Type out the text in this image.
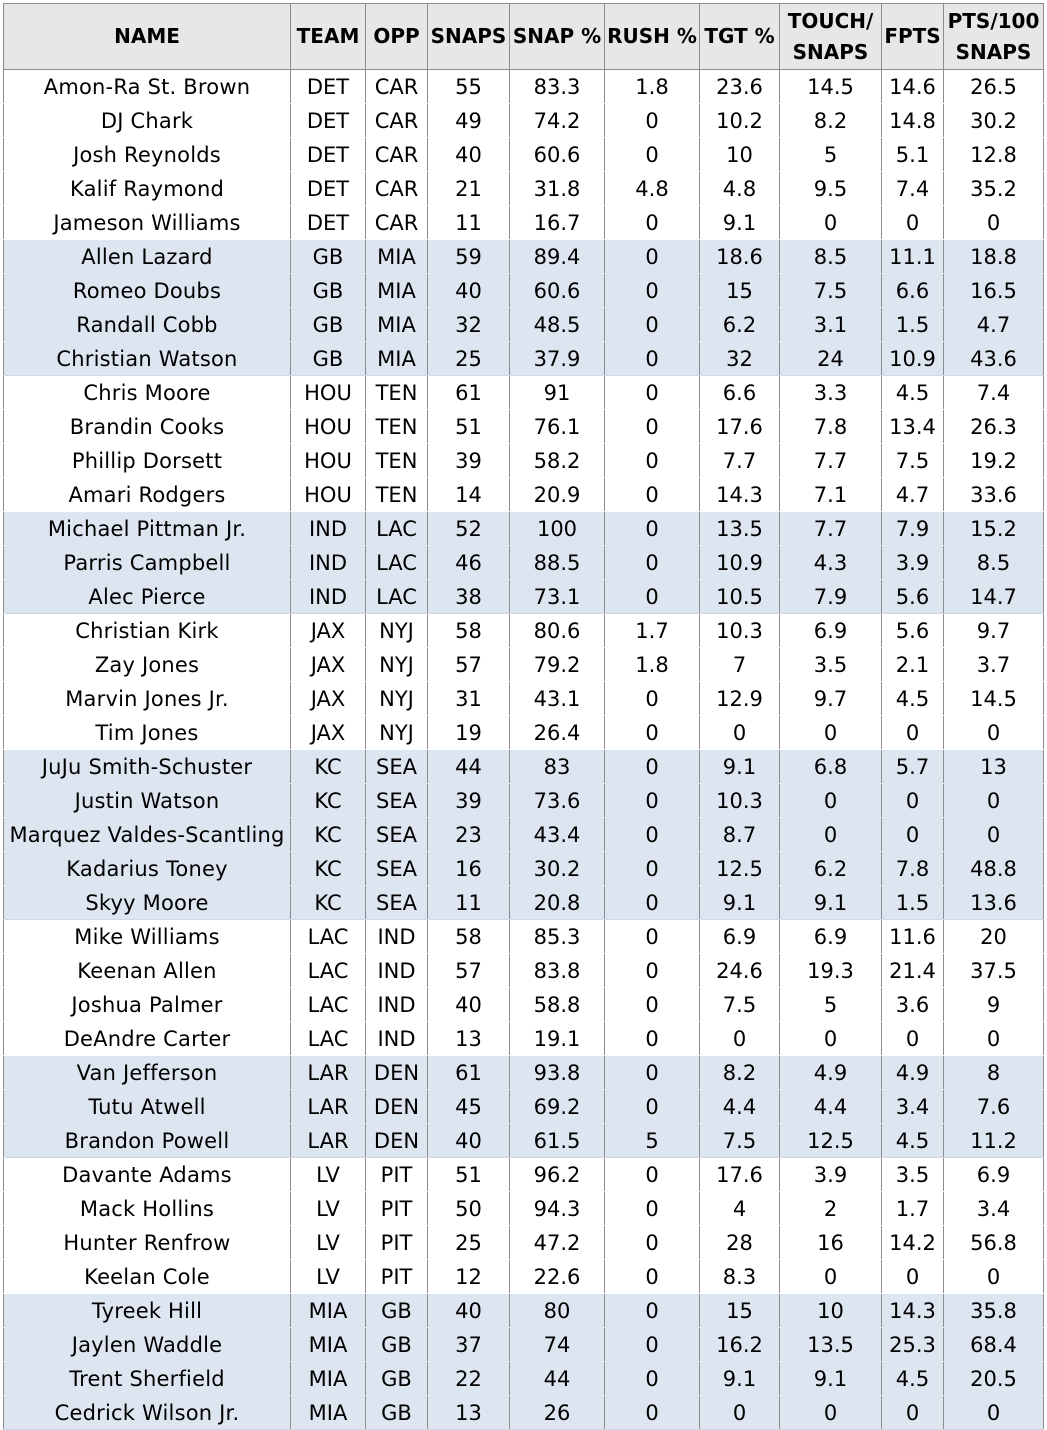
NAME	TEAM	OPP	SNAPS	SNAP %	RUSH %	TGT %	TOUCH/
SNAPS	FPTS	PTS/100
SNAPS
Amon-Ra St. Brown	DET	CAR	55	83.3	1.8	23.6	14.5	14.6	26.5
DJ Chark	DET	CAR	49	74.2	0	10.2	8.2	14.8	30.2
Josh Reynolds	DET	CAR	40	60.6	0	10	5	5.1	12.8
Kalif Raymond	DET	CAR	21	31.8	4.8	4.8	9.5	7.4	35.2
Jameson Williams	DET	CAR	11	16.7	0	9.1	0	0	0
Allen Lazard	GB	MIA	59	89.4	0	18.6	8.5	11.1	18.8
Romeo Doubs	GB	MIA	40	60.6	0	15	7.5	6.6	16.5
Randall Cobb	GB	MIA	32	48.5	0	6.2	3.1	1.5	4.7
Christian Watson	GB	MIA	25	37.9	0	32	24	10.9	43.6
Chris Moore	HOU	TEN	61	91	0	6.6	3.3	4.5	7.4
Brandin Cooks	HOU	TEN	51	76.1	0	17.6	7.8	13.4	26.3
Phillip Dorsett	HOU	TEN	39	58.2	0	7.7	7.7	7.5	19.2
Amari Rodgers	HOU	TEN	14	20.9	0	14.3	7.1	4.7	33.6
Michael Pittman Jr.	IND	LAC	52	100	0	13.5	7.7	7.9	15.2
Parris Campbell	IND	LAC	46	88.5	0	10.9	4.3	3.9	8.5
Alec Pierce	IND	LAC	38	73.1	0	10.5	7.9	5.6	14.7
Christian Kirk	JAX	NYJ	58	80.6	1.7	10.3	6.9	5.6	9.7
Zay Jones	JAX	NYJ	57	79.2	1.8	7	3.5	2.1	3.7
Marvin Jones Jr.	JAX	NYJ	31	43.1	0	12.9	9.7	4.5	14.5
Tim Jones	JAX	NYJ	19	26.4	0	0	0	0	0
JuJu Smith-Schuster	KC	SEA	44	83	0	9.1	6.8	5.7	13
Justin Watson	KC	SEA	39	73.6	0	10.3	0	0	0
Marquez Valdes-Scantling	KC	SEA	23	43.4	0	8.7	0	0	0
Kadarius Toney	KC	SEA	16	30.2	0	12.5	6.2	7.8	48.8
Skyy Moore	KC	SEA	11	20.8	0	9.1	9.1	1.5	13.6
Mike Williams	LAC	IND	58	85.3	0	6.9	6.9	11.6	20
Keenan Allen	LAC	IND	57	83.8	0	24.6	19.3	21.4	37.5
Joshua Palmer	LAC	IND	40	58.8	0	7.5	5	3.6	9
DeAndre Carter	LAC	IND	13	19.1	0	0	0	0	0
Van Jefferson	LAR	DEN	61	93.8	0	8.2	4.9	4.9	8
Tutu Atwell	LAR	DEN	45	69.2	0	4.4	4.4	3.4	7.6
Brandon Powell	LAR	DEN	40	61.5	5	7.5	12.5	4.5	11.2
Davante Adams	LV	PIT	51	96.2	0	17.6	3.9	3.5	6.9
Mack Hollins	LV	PIT	50	94.3	0	4	2	1.7	3.4
Hunter Renfrow	LV	PIT	25	47.2	0	28	16	14.2	56.8
Keelan Cole	LV	PIT	12	22.6	0	8.3	0	0	0
Tyreek Hill	MIA	GB	40	80	0	15	10	14.3	35.8
Jaylen Waddle	MIA	GB	37	74	0	16.2	13.5	25.3	68.4
Trent Sherfield	MIA	GB	22	44	0	9.1	9.1	4.5	20.5
Cedrick Wilson Jr.	MIA	GB	13	26	0	0	0	0	0
